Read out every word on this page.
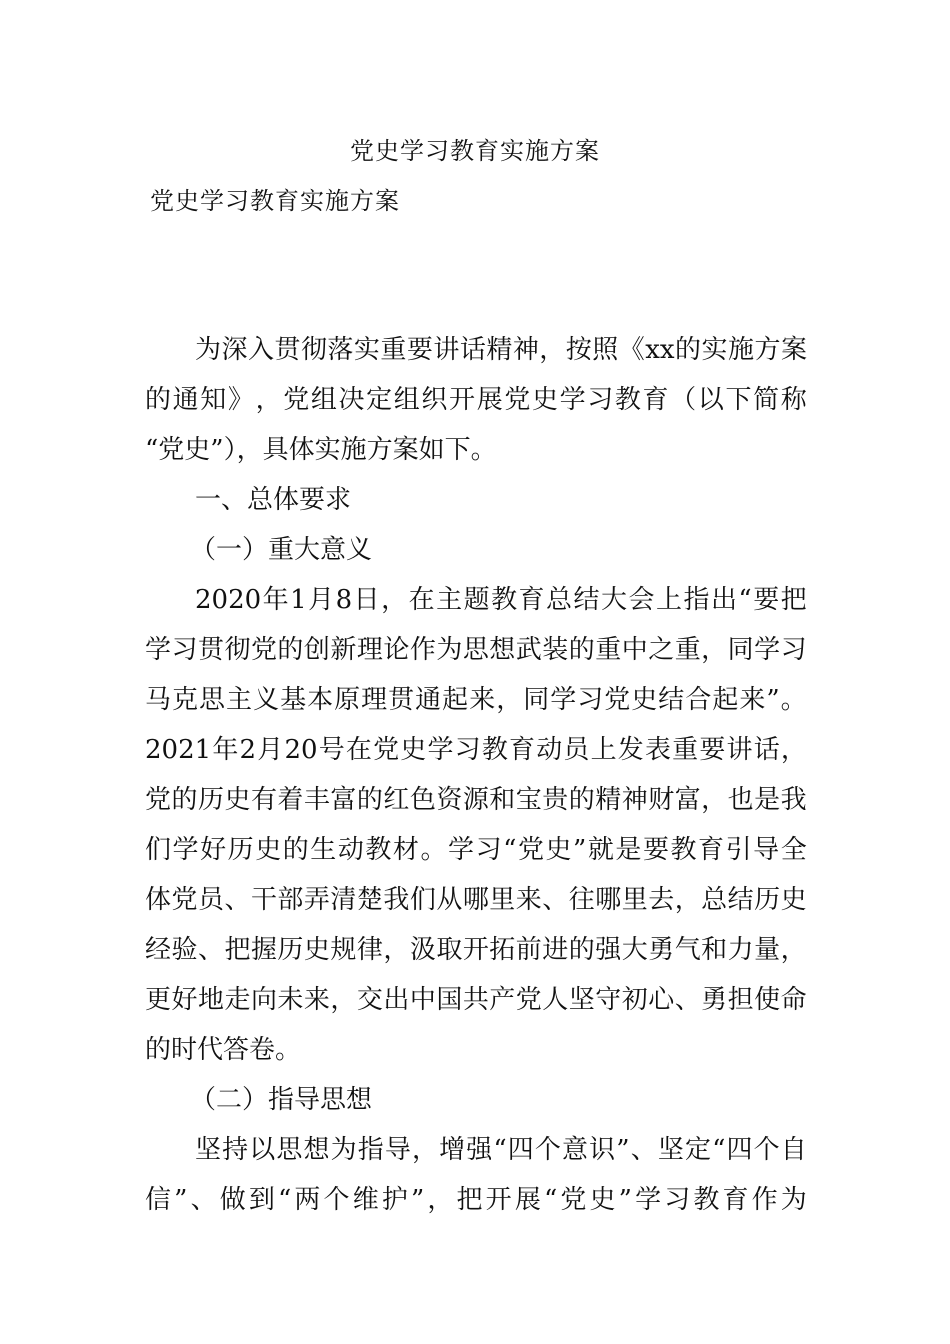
党史学习教育实施方案
党史学习教育实施方案
为 深 入 贯 彻 落 实 重 要 讲 话 精 神 ， 按 照 《 xx 的 实 施 方 案
的 通 知 》 ， 党 组 决 定 组 织 开 展 党 史 学 习 教 育 （ 以 下 简 称
“党史”），具体实施方案如下。
一、总体要求
（一）重大意义
2020 年 1 月 8 日 ， 在 主 题 教 育 总 结 大 会 上 指 出 “ 要 把
学 习 贯 彻 党 的 创 新 理 论 作 为 思 想 武 装 的 重 中 之 重 ， 同 学 习
马 克 思 主 义 基 本 原 理 贯 通 起 来 ， 同 学 习 党 史 结 合 起 来 ” 。
2021 年 2 月 20 号 在 党 史 学 习 教 育 动 员 上 发 表 重 要 讲 话 ，
党 的 历 史 有 着 丰 富 的 红 色 资 源 和 宝 贵 的 精 神 财 富 ， 也 是 我
们 学 好 历 史 的 生 动 教 材 。 学 习 “ 党 史 ” 就 是 要 教 育 引 导 全
体 党 员 、 干 部 弄 清 楚 我 们 从 哪 里 来 、 往 哪 里 去 ， 总 结 历 史
经 验 、 把 握 历 史 规 律 ， 汲 取 开 拓 前 进 的 强 大 勇 气 和 力 量 ，
更 好 地 走 向 未 来 ， 交 出 中 国 共 产 党 人 坚 守 初 心 、 勇 担 使 命
的时代答卷。
（二）指导思想
坚 持 以 思 想 为 指 导 ， 增 强 “ 四 个 意 识 ” 、 坚 定 “ 四 个 自
信 ” 、 做 到 “ 两 个 维 护 ” ， 把 开 展 “ 党 史 ” 学 习 教 育 作 为
